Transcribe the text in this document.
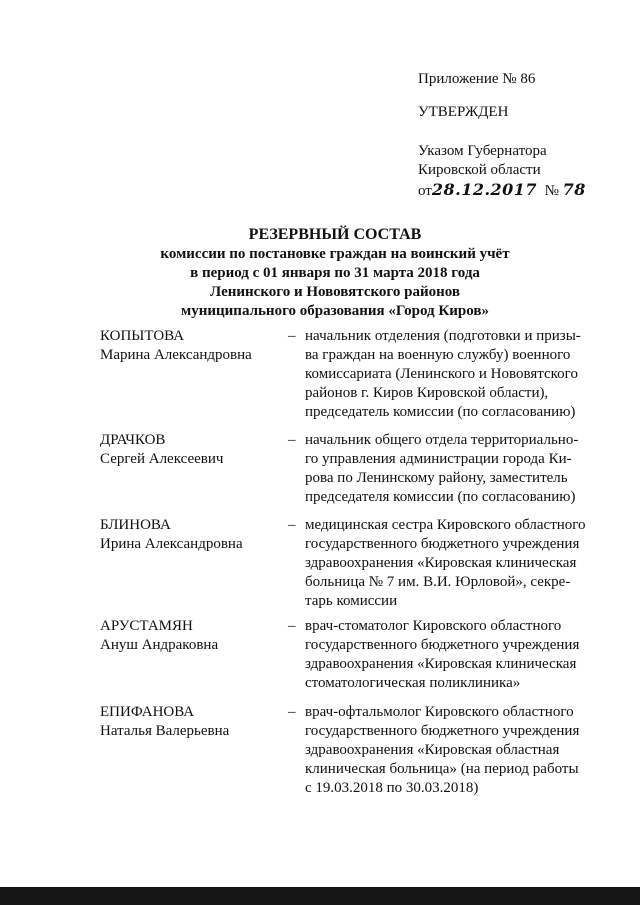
Приложение № 86
УТВЕРЖДЕН
Указом Губернатора
Кировской области
от28.12.2017 № 78
РЕЗЕРВНЫЙ СОСТАВ
комиссии по постановке граждан на воинский учёт
в период с 01 января по 31 марта 2018 года
Ленинского и Нововятского районов
муниципального образования «Город Киров»
КОПЫТОВА
Марина Александровна
– начальник отделения (подготовки и призы-
ва граждан на военную службу) военного
комиссариата (Ленинского и Нововятского
районов г. Киров Кировской области),
председатель комиссии (по согласованию)
ДРАЧКОВ
Сергей Алексеевич
– начальник общего отдела территориально-
го управления администрации города Ки-
рова по Ленинскому району, заместитель
председателя комиссии (по согласованию)
БЛИНОВА
Ирина Александровна
– медицинская сестра Кировского областного
государственного бюджетного учреждения
здравоохранения «Кировская клиническая
больница № 7 им. В.И. Юрловой», секре-
тарь комиссии
АРУСТАМЯН
Ануш Андраковна
– врач-стоматолог Кировского областного
государственного бюджетного учреждения
здравоохранения «Кировская клиническая
стоматологическая поликлиника»
ЕПИФАНОВА
Наталья Валерьевна
– врач-офтальмолог Кировского областного
государственного бюджетного учреждения
здравоохранения «Кировская областная
клиническая больница» (на период работы
с 19.03.2018 по 30.03.2018)
